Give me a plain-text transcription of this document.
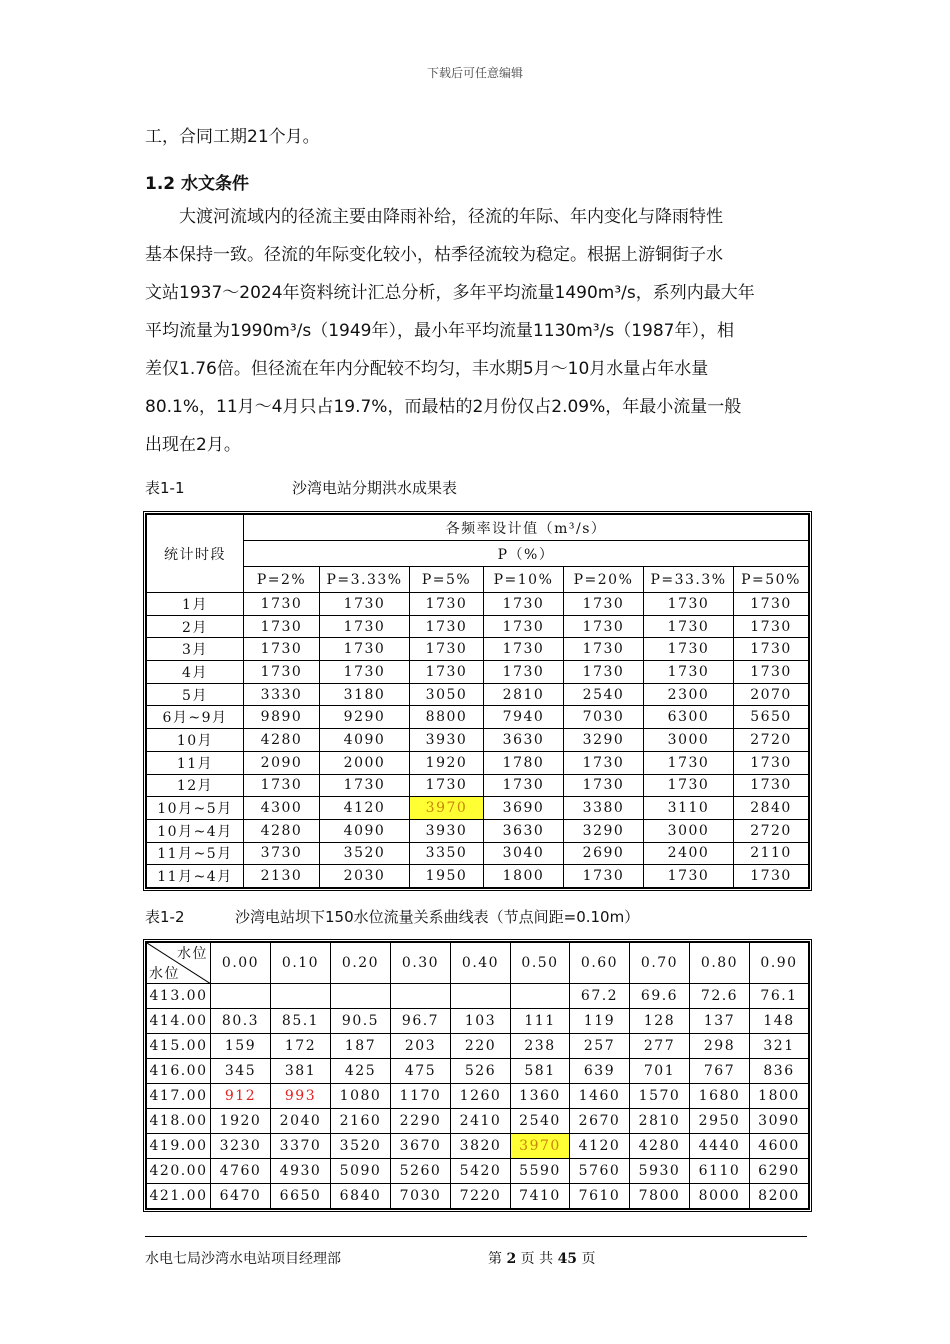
下载后可任意编辑
工，合同工期21个月。
1.2 水文条件
　　大渡河流域内的径流主要由降雨补给，径流的年际、年内变化与降雨特性
基本保持一致。径流的年际变化较小，枯季径流较为稳定。根据上游铜街子水
文站1937～2024年资料统计汇总分析，多年平均流量1490m³/s，系列内最大年
平均流量为1990m³/s（1949年），最小年平均流量1130m³/s（1987年），相
差仅1.76倍。但径流在年内分配较不均匀，丰水期5月～10月水量占年水量
80.1%，11月～4月只占19.7%，而最枯的2月份仅占2.09%，年最小流量一般
出现在2月。
表1-1	沙湾电站分期洪水成果表
统计时段	各频率设计值（m³/s）						
	P（%）						
	P=2%	P=3.33%	P=5%	P=10%	P=20%	P=33.3%	P=50%
1月	1730	1730	1730	1730	1730	1730	1730
2月	1730	1730	1730	1730	1730	1730	1730
3月	1730	1730	1730	1730	1730	1730	1730
4月	1730	1730	1730	1730	1730	1730	1730
5月	3330	3180	3050	2810	2540	2300	2070
6月~9月	9890	9290	8800	7940	7030	6300	5650
10月	4280	4090	3930	3630	3290	3000	2720
11月	2090	2000	1920	1780	1730	1730	1730
12月	1730	1730	1730	1730	1730	1730	1730
10月~5月	4300	4120	3970	3690	3380	3110	2840
10月~4月	4280	4090	3930	3630	3290	3000	2720
11月~5月	3730	3520	3350	3040	2690	2400	2110
11月~4月	2130	2030	1950	1800	1730	1730	1730
表1-2	沙湾电站坝下150水位流量关系曲线表（节点间距=0.10m）
水位
水位	0.00	0.10	0.20	0.30	0.40	0.50	0.60	0.70	0.80	0.90
413.00							67.2	69.6	72.6	76.1
414.00	80.3	85.1	90.5	96.7	103	111	119	128	137	148
415.00	159	172	187	203	220	238	257	277	298	321
416.00	345	381	425	475	526	581	639	701	767	836
417.00	912	993	1080	1170	1260	1360	1460	1570	1680	1800
418.00	1920	2040	2160	2290	2410	2540	2670	2810	2950	3090
419.00	3230	3370	3520	3670	3820	3970	4120	4280	4440	4600
420.00	4760	4930	5090	5260	5420	5590	5760	5930	6110	6290
421.00	6470	6650	6840	7030	7220	7410	7610	7800	8000	8200
水电七局沙湾水电站项目经理部	第 2 页 共 45 页
